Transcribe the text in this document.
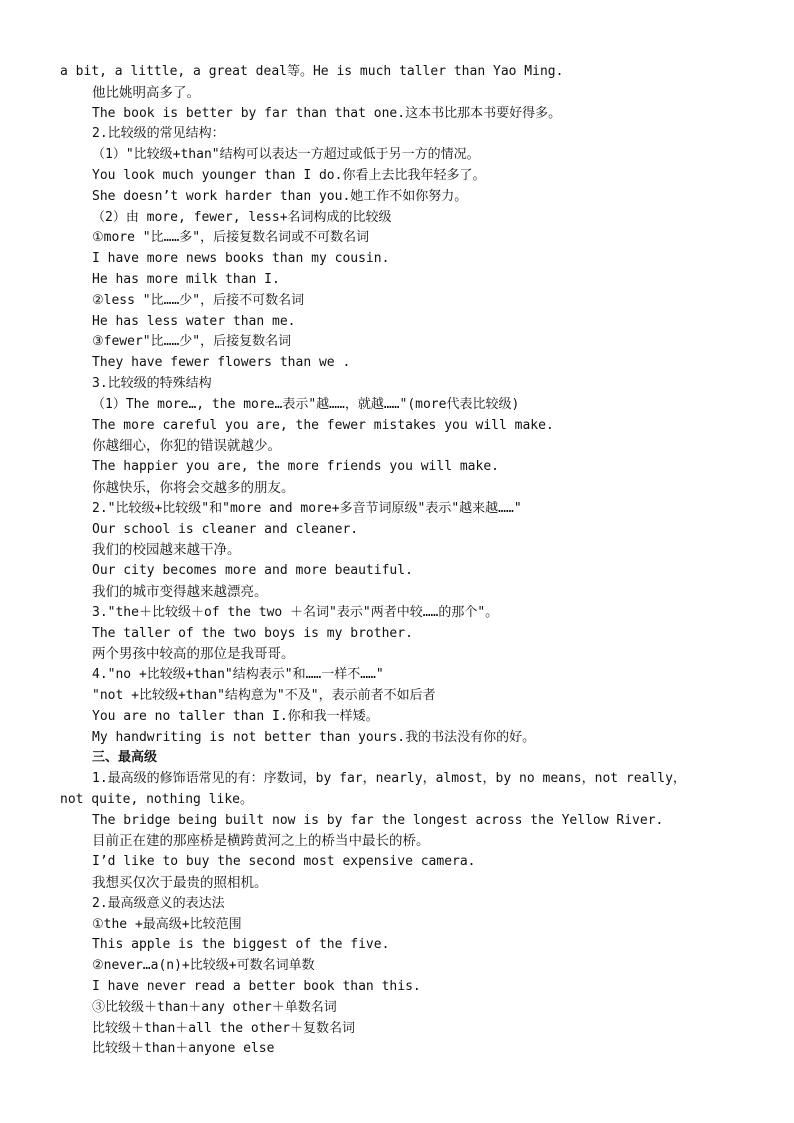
a bit, a little, a great deal等。He is much taller than Yao Ming.
他比姚明高多了。
The book is better by far than that one.这本书比那本书要好得多。
2.比较级的常见结构：
（1）"比较级+than"结构可以表达一方超过或低于另一方的情况。
You look much younger than I do.你看上去比我年轻多了。
She doesn’t work harder than you.她工作不如你努力。
（2）由 more, fewer, less+名词构成的比较级
①more "比……多"，后接复数名词或不可数名词
I have more news books than my cousin.
He has more milk than I.
②less "比……少"，后接不可数名词
He has less water than me.
③fewer"比……少"，后接复数名词
They have fewer flowers than we .
3.比较级的特殊结构
（1）The more…, the more…表示"越……，就越……"(more代表比较级)
The more careful you are, the fewer mistakes you will make.
你越细心，你犯的错误就越少。
The happier you are, the more friends you will make.
你越快乐，你将会交越多的朋友。
2."比较级+比较级"和"more and more+多音节词原级"表示"越来越……"
Our school is cleaner and cleaner.
我们的校园越来越干净。
Our city becomes more and more beautiful.
我们的城市变得越来越漂亮。
3."the＋比较级＋of the two ＋名词"表示"两者中较……的那个"。
The taller of the two boys is my brother.
两个男孩中较高的那位是我哥哥。
4."no +比较级+than"结构表示"和……一样不……"
"not +比较级+than"结构意为"不及"，表示前者不如后者
You are no taller than I.你和我一样矮。
My handwriting is not better than yours.我的书法没有你的好。
三、最高级
1.最高级的修饰语常见的有：序数词，by far，nearly，almost，by no means，not really，
not quite, nothing like。
The bridge being built now is by far the longest across the Yellow River.
目前正在建的那座桥是横跨黄河之上的桥当中最长的桥。
I’d like to buy the second most expensive camera.
我想买仅次于最贵的照相机。
2.最高级意义的表达法
①the +最高级+比较范围
This apple is the biggest of the five.
②never…a(n)+比较级+可数名词单数
I have never read a better book than this.
③比较级＋than＋any other＋单数名词
比较级＋than＋all the other＋复数名词
比较级＋than＋anyone else
